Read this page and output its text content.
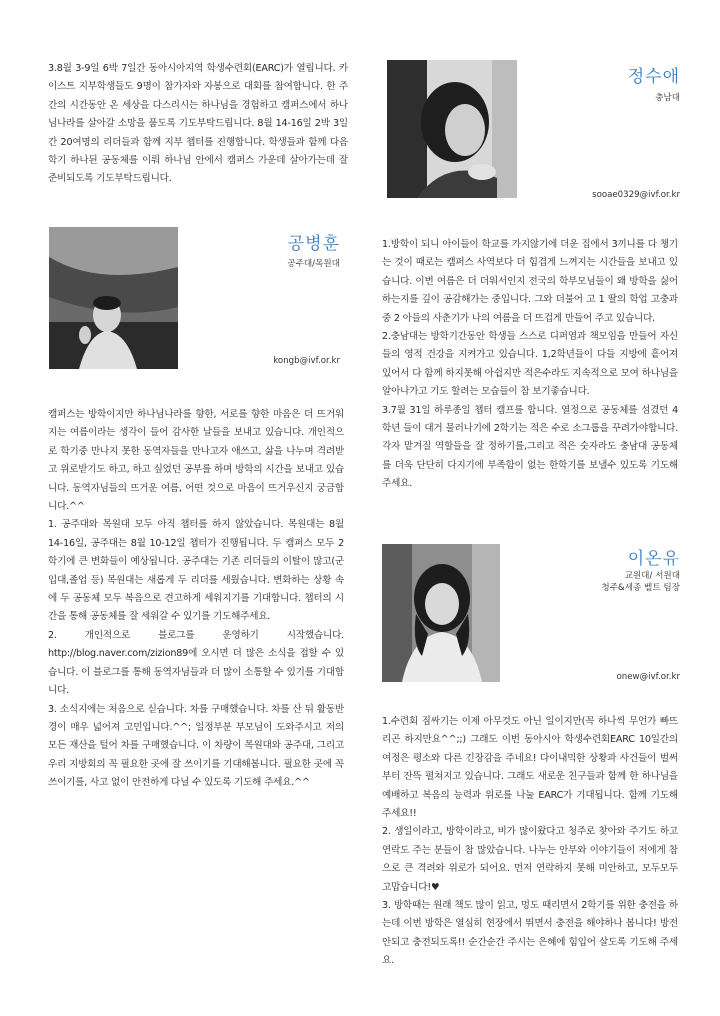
3.8월 3-9일 6박 7일간 동아시아지역 학생수련회(EARC)가 열립니다. 카이스트 지부학생들도 9명이 참가자와 자봉으로 대회를 참여합니다. 한 주간의 시간동안 온 세상을 다스리시는 하나님을 경험하고 캠퍼스에서 하나님나라를 살아갈 소망을 품도록 기도부탁드립니다. 8월 14-16일 2박 3일간 20여명의 리더들과 함께 지부 챕터를 진행합니다. 학생들과 함께 다음학기 하나된 공동체를 이뤄 하나님 안에서 캠퍼스 가운데 살아가는데 잘 준비되도록 기도부탁드립니다.

정수애
충남대
sooae0329@ivf.or.kr

1.방학이 되니 아이들이 학교를 가지않기에 더운 집에서 3끼니를 다 챙기는 것이 때로는 캠퍼스 사역보다 더 힘겹게 느껴지는 시간들을 보내고 있습니다. 이번 여름은 더 더워서인지 전국의 학부모님들이 왜 방학을 싫어 하는지를 깊이 공감해가는 중입니다. 그와 더불어 고 1 딸의 학업 고충과 중 2 아들의 사춘기가 나의 여름을 더 뜨겁게 만들어 주고 있습니다.
2.충남대는 방학기간동안 학생들 스스로 디퍼염과 책모임을 만들어 자신들의 영적 건강을 지켜가고 있습니다. 1,2학년들이 다들 지방에 흩어져 있어서 다 함께 하지못해 아쉽지만 적은수라도 지속적으로 모여 하나님을 알아나가고 기도 할려는 모습들이 참 보기좋습니다.
3.7월 31일 하루종일 챕터 캠프를 합니다. 열정으로 공동체를 섬겼던 4학년 들이 대거 물러나기에 2학기는 적은 수로 소그룹을 꾸려가야합니다. 각자 맡겨질 역할들을 잘 정하기를,그리고 적은 숫자라도 충남대 공동체를 더욱 단단히 다지기에 부족함이 없는 한학기를 보낼수 있도록 기도해주세요.

공병훈
공주대/목원대
kongb@ivf.or.kr

캠퍼스는 방학이지만 하나님나라를 향한, 서로를 향한 마음은 더 뜨거워지는 여름이라는 생각이 들어 감사한 날들을 보내고 있습니다. 개인적으로 학기중 만나지 못한 동역자들을 만나고자 애쓰고, 삶을 나누며 격려받고 위로받기도 하고, 하고 싶었던 공부를 하며 방학의 시간을 보내고 있습니다. 동역자님들의 뜨거운 여름, 어떤 것으로 마음이 뜨거우신지 궁금합니다.^^
1. 공주대와 목원대 모두 아직 챕터를 하지 않았습니다. 목원대는 8월 14-16일, 공주대는 8월 10-12일 챕터가 진행됩니다. 두 캠퍼스 모두 2학기에 큰 변화들이 예상됩니다. 공주대는 기존 리더들의 이탈이 많고(군 입대,졸업 등) 목원대는 새롭게 두 리더를 세웠습니다. 변화하는 상황 속에 두 공동체 모두 복음으로 견고하게 세워지기를 기대합니다. 챕터의 시간을 통해 공동체를 잘 세워갈 수 있기를 기도해주세요.
2. 개인적으로 블로그를 운영하기 시작했습니다. http://blog.naver.com/zizion89에 오시면 더 많은 소식을 접할 수 있습니다. 이 블로그를 통해 동역자님들과 더 많이 소통할 수 있기를 기대합니다.
3. 소식지에는 처음으로 싣습니다. 차를 구매했습니다. 차를 산 뒤 활동반경이 매우 넓어져 고민입니다.^^; 일정부분 부모님이 도와주시고 저의 모든 재산을 털어 차를 구매했습니다. 이 차량이 목원대와 공주대, 그리고 우리 지방회의 꼭 필요한 곳에 잘 쓰이기를 기대해봅니다. 필요한 곳에 꼭 쓰이기를, 사고 없이 안전하게 다닐 수 있도록 기도해 주세요.^^

이온유
교원대/ 서원대
청주&세종 벨트 팀장
onew@ivf.or.kr

1.수련회 짐싸기는 이제 아무것도 아닌 일이지만(꼭 하나씩 무언가 빠뜨리곤 하지만요^^;;) 그래도 이번 동아시아 학생수련회EARC 10일간의 여정은 평소와 다른 긴장감을 주네요! 다이내믹한 상황과 사건들이 벌써부터 잔뜩 펼쳐지고 있습니다. 그래도 새로운 친구들과 함께 한 하나님을 예배하고 복음의 능력과 위로를 나눌 EARC가 기대됩니다. 함께 기도해 주세요!!
2. 생일이라고, 방학이라고, 비가 많이왔다고 청주로 찾아와 주기도 하고 연락도 주는 분들이 참 많았습니다. 나누는 안부와 이야기들이 저에게 참으로 큰 격려와 위로가 되어요. 먼저 연락하지 못해 미안하고, 모두모두 고맙습니다!♥
3. 방학때는 원래 책도 많이 읽고, 멍도 때리면서 2학기를 위한 충전을 하는데 이번 방학은 열심히 현장에서 뛰면서 충전을 해야하나 봅니다! 방전 안되고 충전되도록!! 순간순간 주시는 은혜에 힘입어 살도록 기도해 주세요.
